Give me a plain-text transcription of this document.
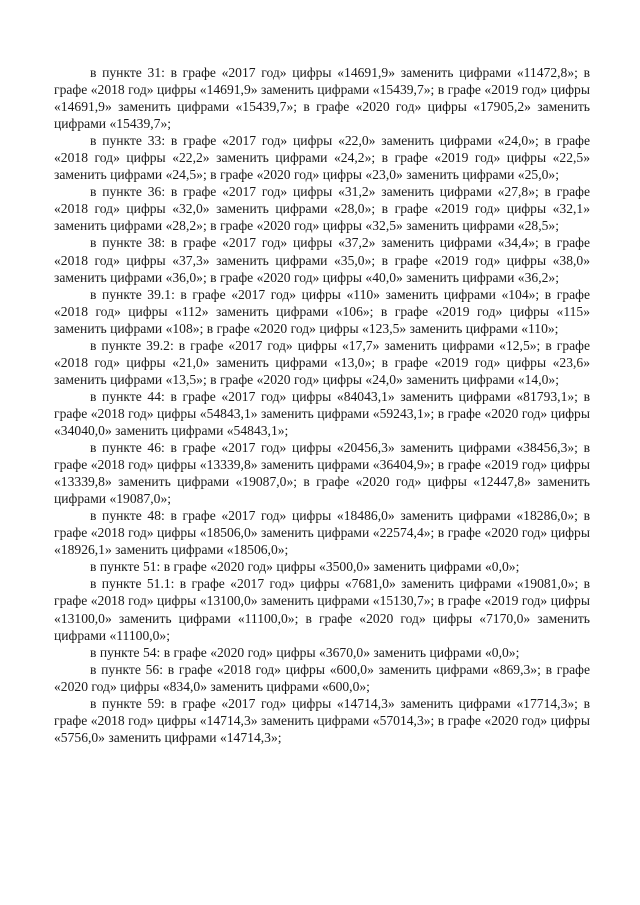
в пункте 31: в графе «2017 год» цифры «14691,9» заменить цифрами «11472,8»; в графе «2018 год» цифры «14691,9» заменить цифрами «15439,7»; в графе «2019 год» цифры «14691,9» заменить цифрами «15439,7»; в графе «2020 год» цифры «17905,2» заменить цифрами «15439,7»;

в пункте 33: в графе «2017 год» цифры «22,0» заменить цифрами «24,0»; в графе «2018 год» цифры «22,2» заменить цифрами «24,2»; в графе «2019 год» цифры «22,5» заменить цифрами «24,5»; в графе «2020 год» цифры «23,0» заменить цифрами «25,0»;

в пункте 36: в графе «2017 год» цифры «31,2» заменить цифрами «27,8»; в графе «2018 год» цифры «32,0» заменить цифрами «28,0»; в графе «2019 год» цифры «32,1» заменить цифрами «28,2»; в графе «2020 год» цифры «32,5» заменить цифрами «28,5»;

в пункте 38: в графе «2017 год» цифры «37,2» заменить цифрами «34,4»; в графе «2018 год» цифры «37,3» заменить цифрами «35,0»; в графе «2019 год» цифры «38,0» заменить цифрами «36,0»; в графе «2020 год» цифры «40,0» заменить цифрами «36,2»;

в пункте 39.1: в графе «2017 год» цифры «110» заменить цифрами «104»; в графе «2018 год» цифры «112» заменить цифрами «106»; в графе «2019 год» цифры «115» заменить цифрами «108»; в графе «2020 год» цифры «123,5» заменить цифрами «110»;

в пункте 39.2: в графе «2017 год» цифры «17,7» заменить цифрами «12,5»; в графе «2018 год» цифры «21,0» заменить цифрами «13,0»; в графе «2019 год» цифры «23,6» заменить цифрами «13,5»; в графе «2020 год» цифры «24,0» заменить цифрами «14,0»;

в пункте 44: в графе «2017 год» цифры «84043,1» заменить цифрами «81793,1»; в графе «2018 год» цифры «54843,1» заменить цифрами «59243,1»; в графе «2020 год» цифры «34040,0» заменить цифрами «54843,1»;

в пункте 46: в графе «2017 год» цифры «20456,3» заменить цифрами «38456,3»; в графе «2018 год» цифры «13339,8» заменить цифрами «36404,9»; в графе «2019 год» цифры «13339,8» заменить цифрами «19087,0»; в графе «2020 год» цифры «12447,8» заменить цифрами «19087,0»;

в пункте 48: в графе «2017 год» цифры «18486,0» заменить цифрами «18286,0»; в графе «2018 год» цифры «18506,0» заменить цифрами «22574,4»; в графе «2020 год» цифры «18926,1» заменить цифрами «18506,0»;

в пункте 51: в графе «2020 год» цифры «3500,0» заменить цифрами «0,0»;

в пункте 51.1: в графе «2017 год» цифры «7681,0» заменить цифрами «19081,0»; в графе «2018 год» цифры «13100,0» заменить цифрами «15130,7»; в графе «2019 год» цифры «13100,0» заменить цифрами «11100,0»; в графе «2020 год» цифры «7170,0» заменить цифрами «11100,0»;

в пункте 54: в графе «2020 год» цифры «3670,0» заменить цифрами «0,0»;

в пункте 56: в графе «2018 год» цифры «600,0» заменить цифрами «869,3»; в графе «2020 год» цифры «834,0» заменить цифрами «600,0»;

в пункте 59: в графе «2017 год» цифры «14714,3» заменить цифрами «17714,3»; в графе «2018 год» цифры «14714,3» заменить цифрами «57014,3»; в графе «2020 год» цифры «5756,0» заменить цифрами «14714,3»;
